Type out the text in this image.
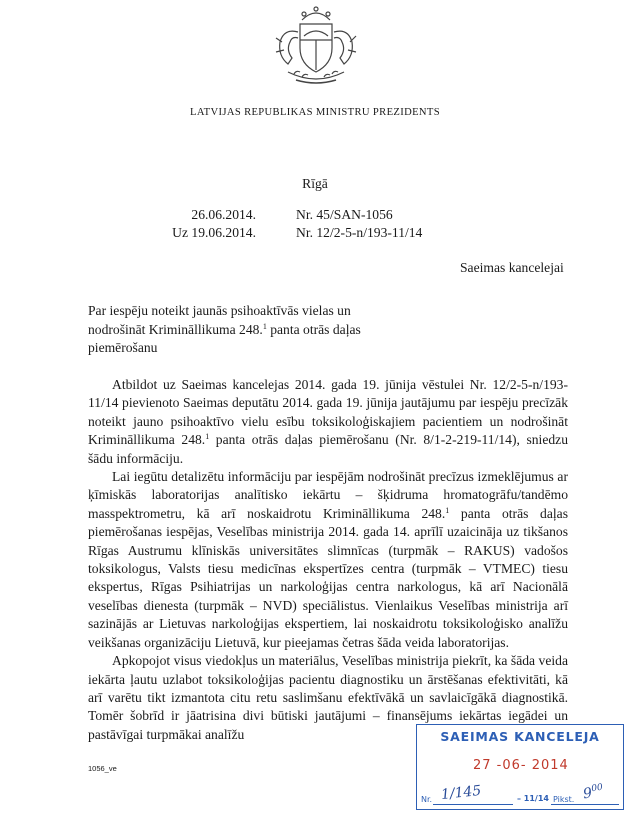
LATVIJAS REPUBLIKAS MINISTRU PREZIDENTS
Rīgā
26.06.2014.	Nr. 45/SAN-1056
Uz 19.06.2014.	Nr. 12/2-5-n/193-11/14
Saeimas kancelejai
Par iespēju noteikt jaunās psihoaktīvās vielas un nodrošināt Krimināllikuma 248.$^1$ panta otrās daļas piemērošanu

Atbildot uz Saeimas kancelejas 2014. gada 19. jūnija vēstulei Nr. 12/2-5-n/193-11/14 pievienoto Saeimas deputātu 2014. gada 19. jūnija jautājumu par iespēju precīzāk noteikt jauno psihoaktīvo vielu esību toksikoloģiskajiem pacientiem un nodrošināt Krimināllikuma 248.$^1$ panta otrās daļas piemērošanu (Nr. 8/1-2-219-11/14), sniedzu šādu informāciju.

Lai iegūtu detalizētu informāciju par iespējām nodrošināt precīzus izmeklējumus ar ķīmiskās laboratorijas analītisko iekārtu – šķidruma hromatogrāfu/tandēmo masspektrometru, kā arī noskaidrotu Krimināllikuma 248.$^1$ panta otrās daļas piemērošanas iespējas, Veselības ministrija 2014. gada 14. aprīlī uzaicināja uz tikšanos Rīgas Austrumu klīniskās universitātes slimnīcas (turpmāk – RAKUS) vadošos toksikologus, Valsts tiesu medicīnas ekspertīzes centra (turpmāk – VTMEC) tiesu ekspertus, Rīgas Psihiatrijas un narkoloģijas centra narkologus, kā arī Nacionālā veselības dienesta (turpmāk – NVD) speciālistus. Vienlaikus Veselības ministrija arī sazinājās ar Lietuvas narkoloģijas ekspertiem, lai noskaidrotu toksikoloģisko analīžu veikšanas organizāciju Lietuvā, kur pieejamas četras šāda veida laboratorijas.

Apkopojot visus viedokļus un materiālus, Veselības ministrija piekrīt, ka šāda veida iekārta ļautu uzlabot toksikoloģijas pacientu diagnostiku un ārstēšanas efektivitāti, kā arī varētu tikt izmantota citu retu saslimšanu efektīvākā un savlaicīgākā diagnostikā. Tomēr šobrīd ir jāatrisina divi būtiski jautājumi – finansējums iekārtas iegādei un pastāvīgai turpmākai analīžu

1056_ve
SAEIMAS KANCELEJA
27 -06- 2014
Nr. 1/145	– 11/14 Pikst. $9^{00}$
